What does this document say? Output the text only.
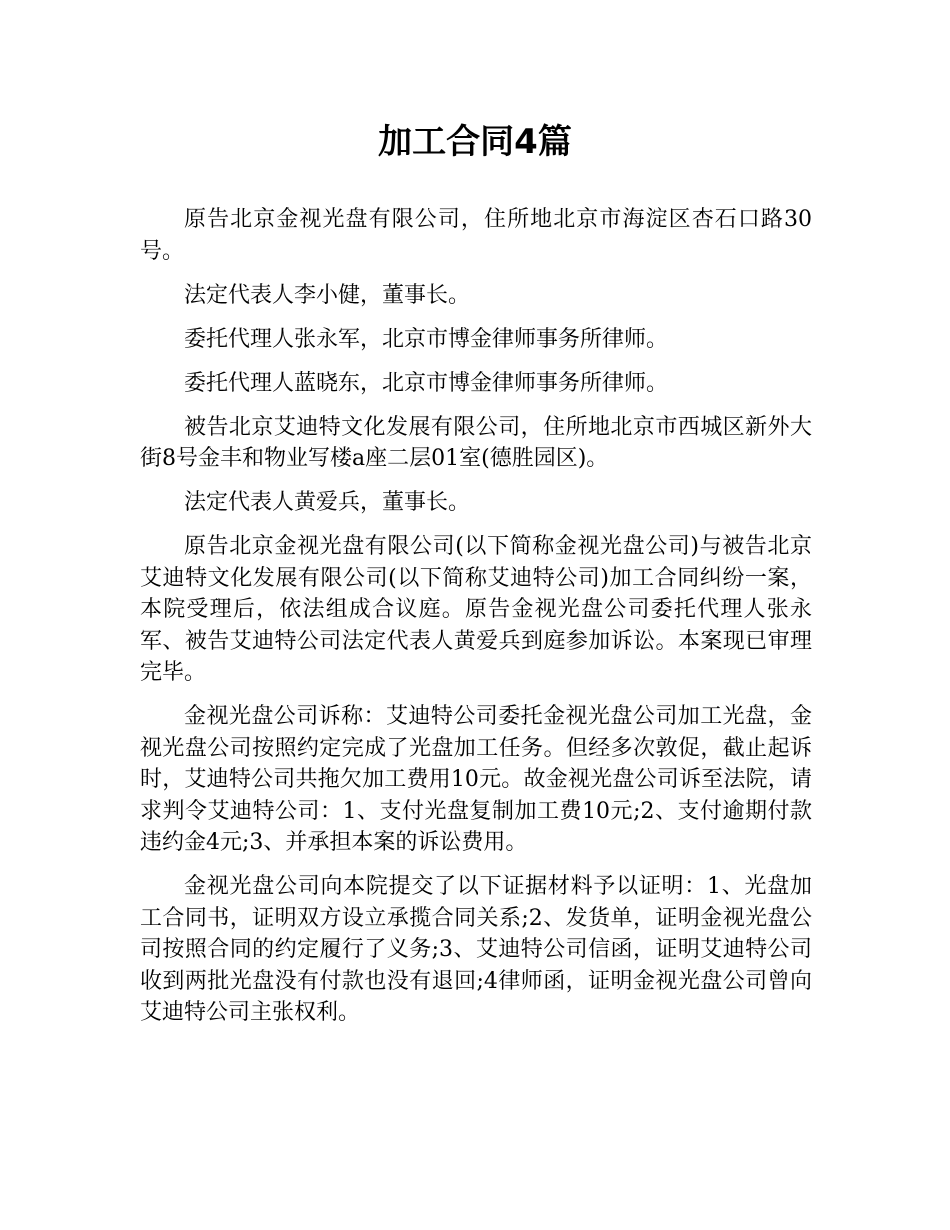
加工合同4篇

原告北京金视光盘有限公司，住所地北京市海淀区杏石口路30号。

法定代表人李小健，董事长。

委托代理人张永军，北京市博金律师事务所律师。

委托代理人蓝晓东，北京市博金律师事务所律师。

被告北京艾迪特文化发展有限公司，住所地北京市西城区新外大街8号金丰和物业写楼a座二层01室(德胜园区)。

法定代表人黄爱兵，董事长。

原告北京金视光盘有限公司(以下简称金视光盘公司)与被告北京艾迪特文化发展有限公司(以下简称艾迪特公司)加工合同纠纷一案，本院受理后，依法组成合议庭。原告金视光盘公司委托代理人张永军、被告艾迪特公司法定代表人黄爱兵到庭参加诉讼。本案现已审理完毕。

金视光盘公司诉称：艾迪特公司委托金视光盘公司加工光盘，金视光盘公司按照约定完成了光盘加工任务。但经多次敦促，截止起诉时，艾迪特公司共拖欠加工费用10元。故金视光盘公司诉至法院，请求判令艾迪特公司：1、支付光盘复制加工费10元;2、支付逾期付款违约金4元;3、并承担本案的诉讼费用。

金视光盘公司向本院提交了以下证据材料予以证明：1、光盘加工合同书，证明双方设立承揽合同关系;2、发货单，证明金视光盘公司按照合同的约定履行了义务;3、艾迪特公司信函，证明艾迪特公司收到两批光盘没有付款也没有退回;4律师函，证明金视光盘公司曾向艾迪特公司主张权利。
